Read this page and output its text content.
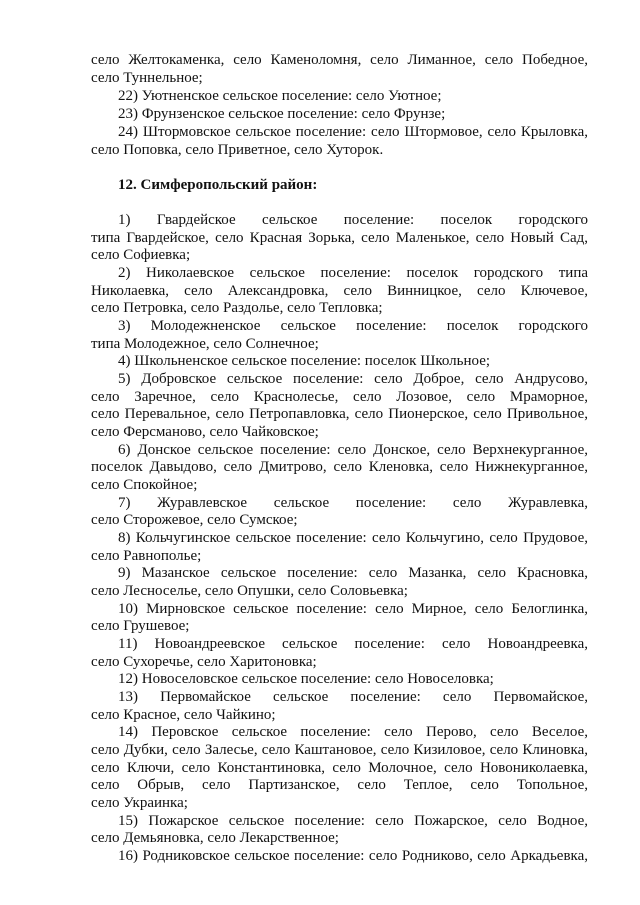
село Желтокаменка, село Каменоломня, село Лиманное, село Победное,
село Туннельное;
22) Уютненское сельское поселение: село Уютное;
23) Фрунзенское сельское поселение: село Фрунзе;
24) Штормовское сельское поселение: село Штормовое, село Крыловка,
село Поповка, село Приветное, село Хуторок.
12. Симферопольский район:
1) Гвардейское сельское поселение: поселок городского
типа Гвардейское, село Красная Зорька, село Маленькое, село Новый Сад,
село Софиевка;
2) Николаевское сельское поселение: поселок городского типа
Николаевка, село Александровка, село Винницкое, село Ключевое,
село Петровка, село Раздолье, село Тепловка;
3) Молодежненское сельское поселение: поселок городского
типа Молодежное, село Солнечное;
4) Школьненское сельское поселение: поселок Школьное;
5) Добровское сельское поселение: село Доброе, село Андрусово,
село Заречное, село Краснолесье, село Лозовое, село Мраморное,
село Перевальное, село Петропавловка, село Пионерское, село Привольное,
село Ферсманово, село Чайковское;
6) Донское сельское поселение: село Донское, село Верхнекурганное,
поселок Давыдово, село Дмитрово, село Кленовка, село Нижнекурганное,
село Спокойное;
7) Журавлевское сельское поселение: село Журавлевка,
село Сторожевое, село Сумское;
8) Кольчугинское сельское поселение: село Кольчугино, село Прудовое,
село Равнополье;
9) Мазанское сельское поселение: село Мазанка, село Красновка,
село Лесноселье, село Опушки, село Соловьевка;
10) Мирновское сельское поселение: село Мирное, село Белоглинка,
село Грушевое;
11) Новоандреевское сельское поселение: село Новоандреевка,
село Сухоречье, село Харитоновка;
12) Новоселовское сельское поселение: село Новоселовка;
13) Первомайское сельское поселение: село Первомайское,
село Красное, село Чайкино;
14) Перовское сельское поселение: село Перово, село Веселое,
село Дубки, село Залесье, село Каштановое, село Кизиловое, село Клиновка,
село Ключи, село Константиновка, село Молочное, село Новониколаевка,
село Обрыв, село Партизанское, село Теплое, село Топольное,
село Украинка;
15) Пожарское сельское поселение: село Пожарское, село Водное,
село Демьяновка, село Лекарственное;
16) Родниковское сельское поселение: село Родниково, село Аркадьевка,
